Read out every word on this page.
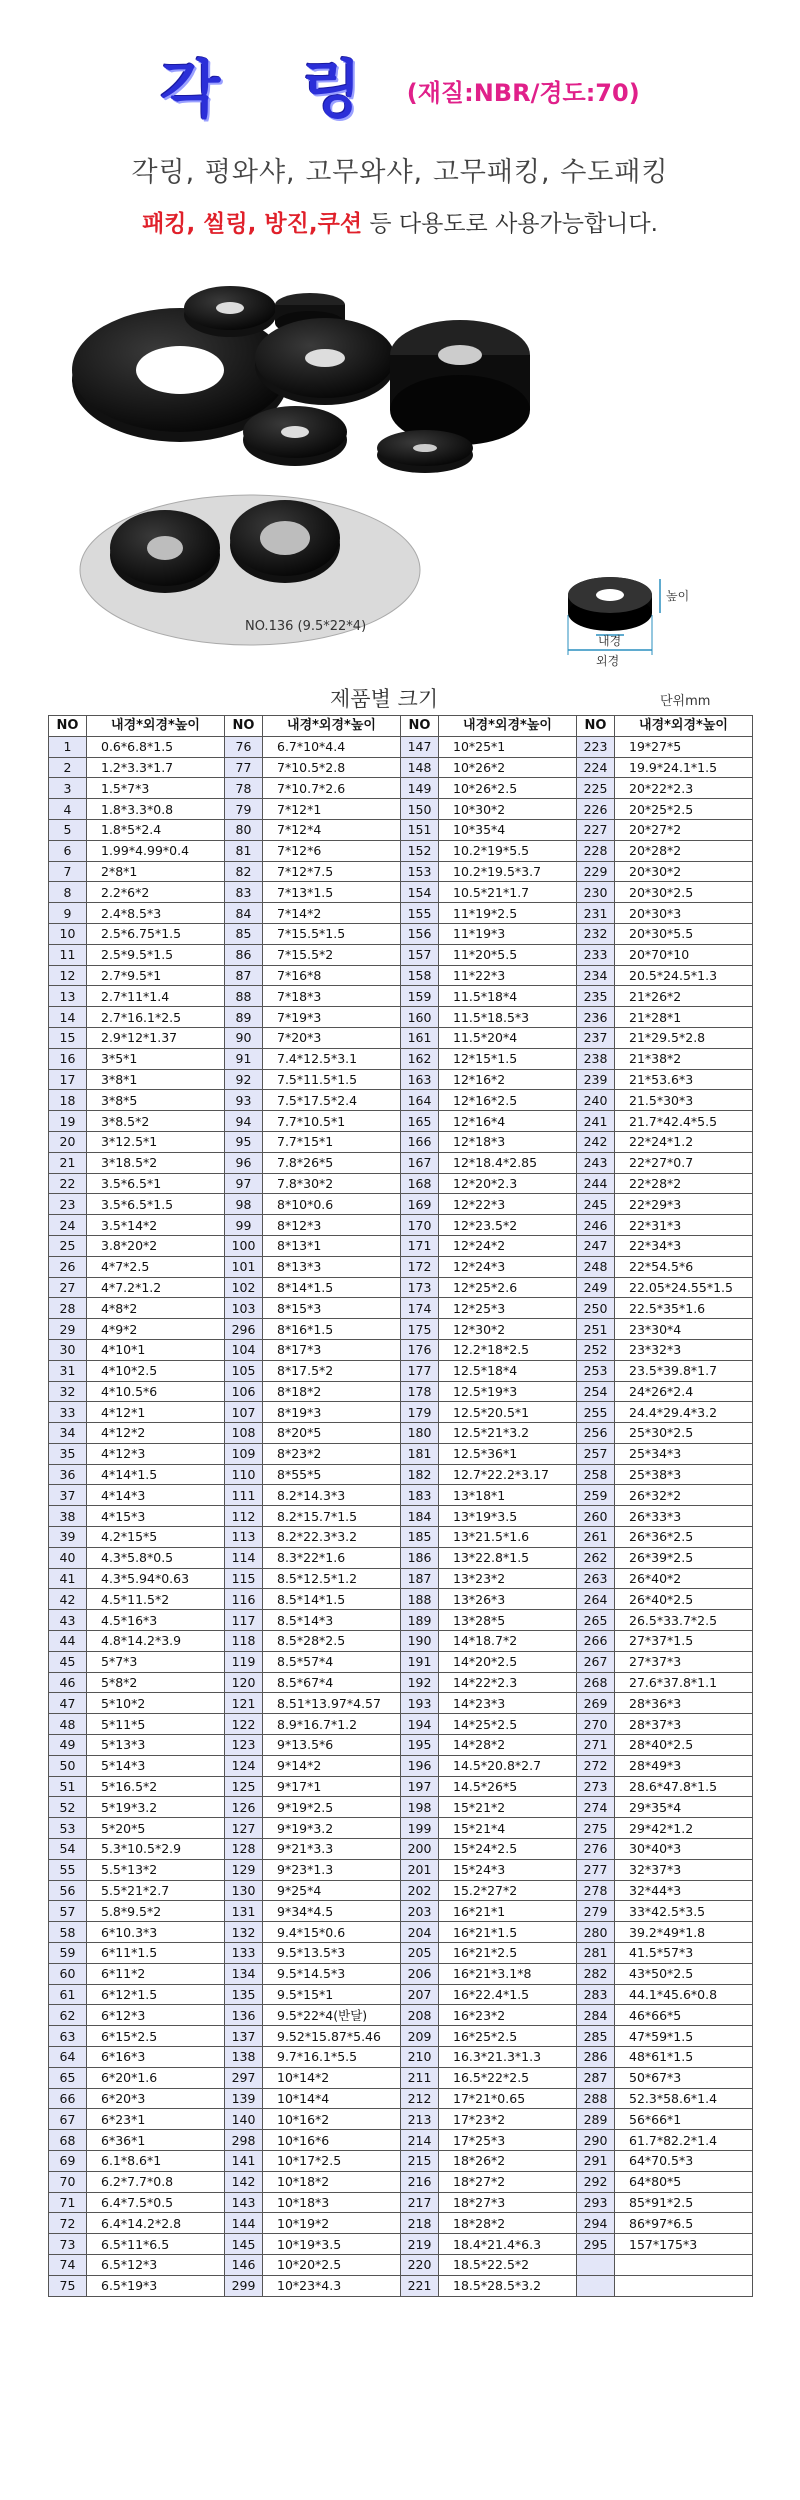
각 링 (재질:NBR/경도:70)
각링, 평와샤, 고무와샤, 고무패킹, 수도패킹
패킹, 씰링, 방진,쿠션 등 다용도로 사용가능합니다.
NO.136 (9.5*22*4)
높이
내경
외경
제품별 크기	단위mm
NO	내경*외경*높이	NO	내경*외경*높이	NO	내경*외경*높이	NO	내경*외경*높이
1	0.6*6.8*1.5	76	6.7*10*4.4	147	10*25*1	223	19*27*5
2	1.2*3.3*1.7	77	7*10.5*2.8	148	10*26*2	224	19.9*24.1*1.5
3	1.5*7*3	78	7*10.7*2.6	149	10*26*2.5	225	20*22*2.3
4	1.8*3.3*0.8	79	7*12*1	150	10*30*2	226	20*25*2.5
5	1.8*5*2.4	80	7*12*4	151	10*35*4	227	20*27*2
6	1.99*4.99*0.4	81	7*12*6	152	10.2*19*5.5	228	20*28*2
7	2*8*1	82	7*12*7.5	153	10.2*19.5*3.7	229	20*30*2
8	2.2*6*2	83	7*13*1.5	154	10.5*21*1.7	230	20*30*2.5
9	2.4*8.5*3	84	7*14*2	155	11*19*2.5	231	20*30*3
10	2.5*6.75*1.5	85	7*15.5*1.5	156	11*19*3	232	20*30*5.5
11	2.5*9.5*1.5	86	7*15.5*2	157	11*20*5.5	233	20*70*10
12	2.7*9.5*1	87	7*16*8	158	11*22*3	234	20.5*24.5*1.3
13	2.7*11*1.4	88	7*18*3	159	11.5*18*4	235	21*26*2
14	2.7*16.1*2.5	89	7*19*3	160	11.5*18.5*3	236	21*28*1
15	2.9*12*1.37	90	7*20*3	161	11.5*20*4	237	21*29.5*2.8
16	3*5*1	91	7.4*12.5*3.1	162	12*15*1.5	238	21*38*2
17	3*8*1	92	7.5*11.5*1.5	163	12*16*2	239	21*53.6*3
18	3*8*5	93	7.5*17.5*2.4	164	12*16*2.5	240	21.5*30*3
19	3*8.5*2	94	7.7*10.5*1	165	12*16*4	241	21.7*42.4*5.5
20	3*12.5*1	95	7.7*15*1	166	12*18*3	242	22*24*1.2
21	3*18.5*2	96	7.8*26*5	167	12*18.4*2.85	243	22*27*0.7
22	3.5*6.5*1	97	7.8*30*2	168	12*20*2.3	244	22*28*2
23	3.5*6.5*1.5	98	8*10*0.6	169	12*22*3	245	22*29*3
24	3.5*14*2	99	8*12*3	170	12*23.5*2	246	22*31*3
25	3.8*20*2	100	8*13*1	171	12*24*2	247	22*34*3
26	4*7*2.5	101	8*13*3	172	12*24*3	248	22*54.5*6
27	4*7.2*1.2	102	8*14*1.5	173	12*25*2.6	249	22.05*24.55*1.5
28	4*8*2	103	8*15*3	174	12*25*3	250	22.5*35*1.6
29	4*9*2	296	8*16*1.5	175	12*30*2	251	23*30*4
30	4*10*1	104	8*17*3	176	12.2*18*2.5	252	23*32*3
31	4*10*2.5	105	8*17.5*2	177	12.5*18*4	253	23.5*39.8*1.7
32	4*10.5*6	106	8*18*2	178	12.5*19*3	254	24*26*2.4
33	4*12*1	107	8*19*3	179	12.5*20.5*1	255	24.4*29.4*3.2
34	4*12*2	108	8*20*5	180	12.5*21*3.2	256	25*30*2.5
35	4*12*3	109	8*23*2	181	12.5*36*1	257	25*34*3
36	4*14*1.5	110	8*55*5	182	12.7*22.2*3.17	258	25*38*3
37	4*14*3	111	8.2*14.3*3	183	13*18*1	259	26*32*2
38	4*15*3	112	8.2*15.7*1.5	184	13*19*3.5	260	26*33*3
39	4.2*15*5	113	8.2*22.3*3.2	185	13*21.5*1.6	261	26*36*2.5
40	4.3*5.8*0.5	114	8.3*22*1.6	186	13*22.8*1.5	262	26*39*2.5
41	4.3*5.94*0.63	115	8.5*12.5*1.2	187	13*23*2	263	26*40*2
42	4.5*11.5*2	116	8.5*14*1.5	188	13*26*3	264	26*40*2.5
43	4.5*16*3	117	8.5*14*3	189	13*28*5	265	26.5*33.7*2.5
44	4.8*14.2*3.9	118	8.5*28*2.5	190	14*18.7*2	266	27*37*1.5
45	5*7*3	119	8.5*57*4	191	14*20*2.5	267	27*37*3
46	5*8*2	120	8.5*67*4	192	14*22*2.3	268	27.6*37.8*1.1
47	5*10*2	121	8.51*13.97*4.57	193	14*23*3	269	28*36*3
48	5*11*5	122	8.9*16.7*1.2	194	14*25*2.5	270	28*37*3
49	5*13*3	123	9*13.5*6	195	14*28*2	271	28*40*2.5
50	5*14*3	124	9*14*2	196	14.5*20.8*2.7	272	28*49*3
51	5*16.5*2	125	9*17*1	197	14.5*26*5	273	28.6*47.8*1.5
52	5*19*3.2	126	9*19*2.5	198	15*21*2	274	29*35*4
53	5*20*5	127	9*19*3.2	199	15*21*4	275	29*42*1.2
54	5.3*10.5*2.9	128	9*21*3.3	200	15*24*2.5	276	30*40*3
55	5.5*13*2	129	9*23*1.3	201	15*24*3	277	32*37*3
56	5.5*21*2.7	130	9*25*4	202	15.2*27*2	278	32*44*3
57	5.8*9.5*2	131	9*34*4.5	203	16*21*1	279	33*42.5*3.5
58	6*10.3*3	132	9.4*15*0.6	204	16*21*1.5	280	39.2*49*1.8
59	6*11*1.5	133	9.5*13.5*3	205	16*21*2.5	281	41.5*57*3
60	6*11*2	134	9.5*14.5*3	206	16*21*3.1*8	282	43*50*2.5
61	6*12*1.5	135	9.5*15*1	207	16*22.4*1.5	283	44.1*45.6*0.8
62	6*12*3	136	9.5*22*4(반달)	208	16*23*2	284	46*66*5
63	6*15*2.5	137	9.52*15.87*5.46	209	16*25*2.5	285	47*59*1.5
64	6*16*3	138	9.7*16.1*5.5	210	16.3*21.3*1.3	286	48*61*1.5
65	6*20*1.6	297	10*14*2	211	16.5*22*2.5	287	50*67*3
66	6*20*3	139	10*14*4	212	17*21*0.65	288	52.3*58.6*1.4
67	6*23*1	140	10*16*2	213	17*23*2	289	56*66*1
68	6*36*1	298	10*16*6	214	17*25*3	290	61.7*82.2*1.4
69	6.1*8.6*1	141	10*17*2.5	215	18*26*2	291	64*70.5*3
70	6.2*7.7*0.8	142	10*18*2	216	18*27*2	292	64*80*5
71	6.4*7.5*0.5	143	10*18*3	217	18*27*3	293	85*91*2.5
72	6.4*14.2*2.8	144	10*19*2	218	18*28*2	294	86*97*6.5
73	6.5*11*6.5	145	10*19*3.5	219	18.4*21.4*6.3	295	157*175*3
74	6.5*12*3	146	10*20*2.5	220	18.5*22.5*2		
75	6.5*19*3	299	10*23*4.3	221	18.5*28.5*3.2		
